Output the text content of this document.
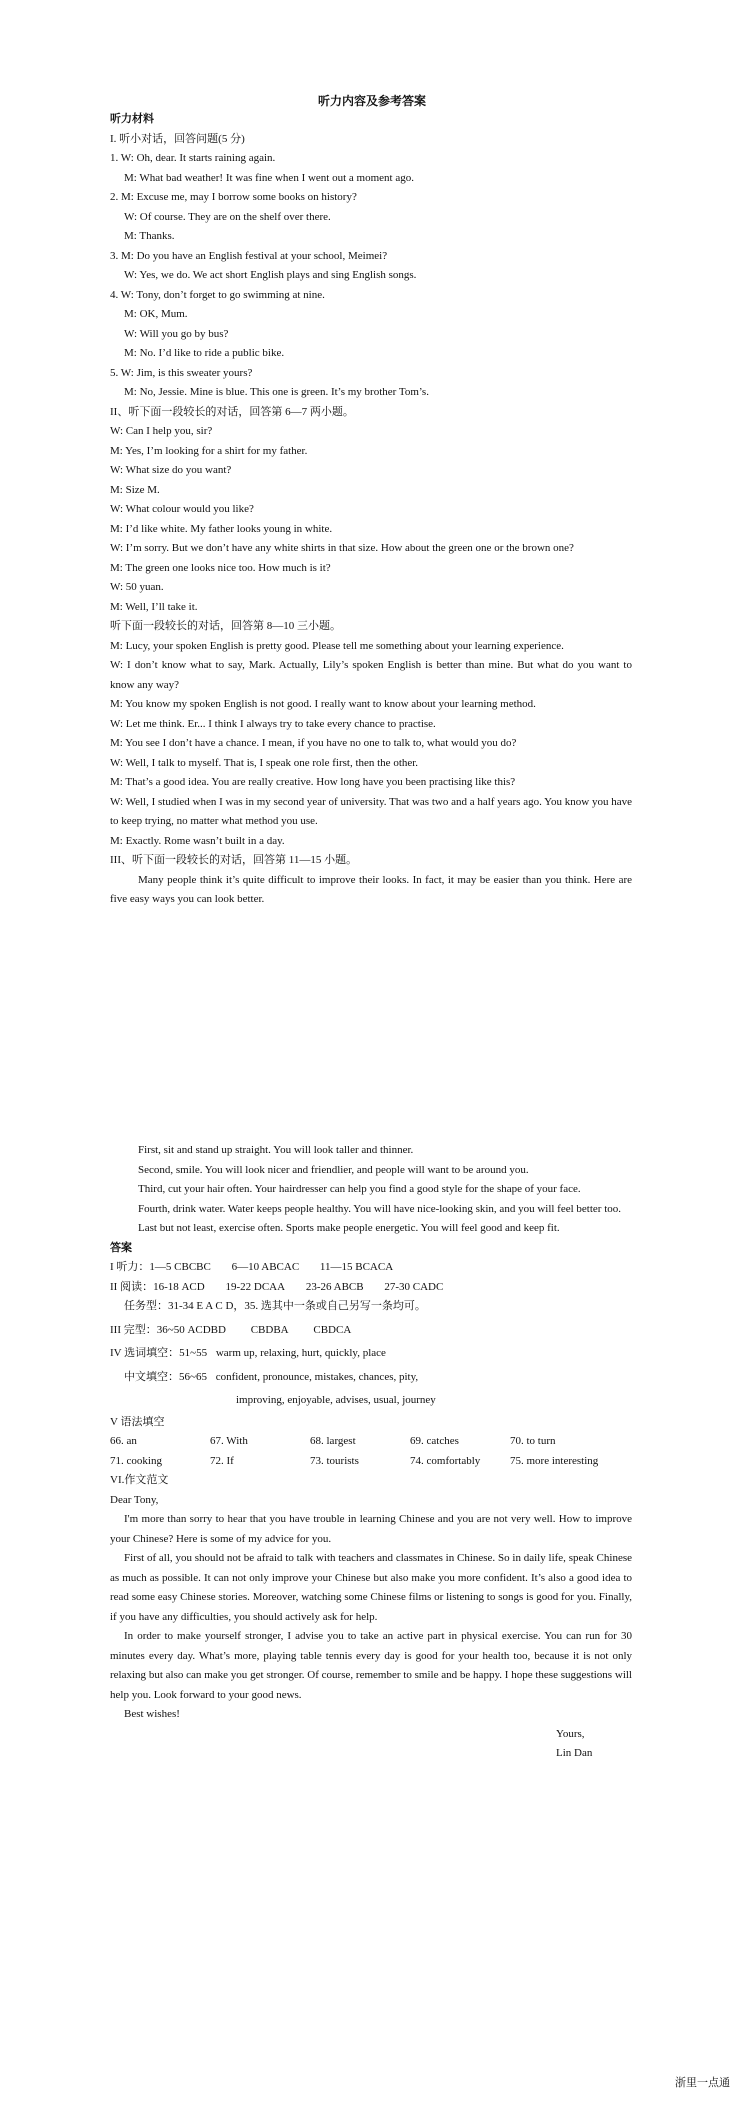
听力内容及参考答案
听力材料
I. 听小对话，回答问题(5 分)
1. W: Oh, dear. It starts raining again.
M: What bad weather! It was fine when I went out a moment ago.
2. M: Excuse me, may I borrow some books on history?
W: Of course. They are on the shelf over there.
M: Thanks.
3. M: Do you have an English festival at your school, Meimei?
W: Yes, we do. We act short English plays and sing English songs.
4. W: Tony, don’t forget to go swimming at nine.
M: OK, Mum.
W: Will you go by bus?
M: No. I’d like to ride a public bike.
5. W: Jim, is this sweater yours?
M: No, Jessie. Mine is blue. This one is green. It’s my brother Tom’s.
II、听下面一段较长的对话，回答第 6—7 两小题。
W: Can I help you, sir?
M: Yes, I’m looking for a shirt for my father.
W: What size do you want?
M: Size M.
W: What colour would you like?
M: I’d like white. My father looks young in white.
W: I’m sorry. But we don’t have any white shirts in that size. How about the green one or the brown one?
M: The green one looks nice too. How much is it?
W: 50 yuan.
M: Well, I’ll take it.
听下面一段较长的对话，回答第 8—10 三小题。
M: Lucy, your spoken English is pretty good. Please tell me something about your learning experience.
W: I don’t know what to say, Mark. Actually, Lily’s spoken English is better than mine. But what do you want to know any way?
M: You know my spoken English is not good. I really want to know about your learning method.
W: Let me think. Er... I think I always try to take every chance to practise.
M: You see I don’t have a chance. I mean, if you have no one to talk to, what would you do?
W: Well, I talk to myself. That is, I speak one role first, then the other.
M: That’s a good idea. You are really creative. How long have you been practising like this?
W: Well, I studied when I was in my second year of university. That was two and a half years ago. You know you have to keep trying, no matter what method you use.
M: Exactly. Rome wasn’t built in a day.
III、听下面一段较长的对话，回答第 11—15 小题。
Many people think it’s quite difficult to improve their looks. In fact, it may be easier than you think. Here are five easy ways you can look better.
First, sit and stand up straight. You will look taller and thinner.
Second, smile. You will look nicer and friendlier, and people will want to be around you.
Third, cut your hair often. Your hairdresser can help you find a good style for the shape of your face.
Fourth, drink water. Water keeps people healthy. You will have nice-looking skin, and you will feel better too.
Last but not least, exercise often. Sports make people energetic. You will feel good and keep fit.
答案
I 听力：1—5 CBCBC 6—10 ABCAC 11—15 BCACA
II 阅读：16-18 ACD 19-22 DCAA 23-26 ABCB 27-30 CADC
任务型：31-34 E A C D，35. 选其中一条或自己另写一条均可。
III 完型：36~50 ACDBD CBDBA CBDCA
IV 选词填空：51~55 warm up, relaxing, hurt, quickly, place
中文填空：56~65 confident, pronounce, mistakes, chances, pity,
improving, enjoyable, advises, usual, journey
V 语法填空
66. an	67. With	68. largest	69. catches	70. to turn
71. cooking	72. If	73. tourists	74. comfortably	75. more interesting
VI.作文范文
Dear Tony,
I'm more than sorry to hear that you have trouble in learning Chinese and you are not very well. How to improve your Chinese? Here is some of my advice for you.
First of all, you should not be afraid to talk with teachers and classmates in Chinese. So in daily life, speak Chinese as much as possible. It can not only improve your Chinese but also make you more confident. It’s also a good idea to read some easy Chinese stories. Moreover, watching some Chinese films or listening to songs is good for you. Finally, if you have any difficulties, you should actively ask for help.
In order to make yourself stronger, I advise you to take an active part in physical exercise. You can run for 30 minutes every day. What’s more, playing table tennis every day is good for your health too, because it is not only relaxing but also can make you get stronger. Of course, remember to smile and be happy. I hope these suggestions will help you. Look forward to your good news.
Best wishes!
Yours,
Lin Dan
浙里一点通
